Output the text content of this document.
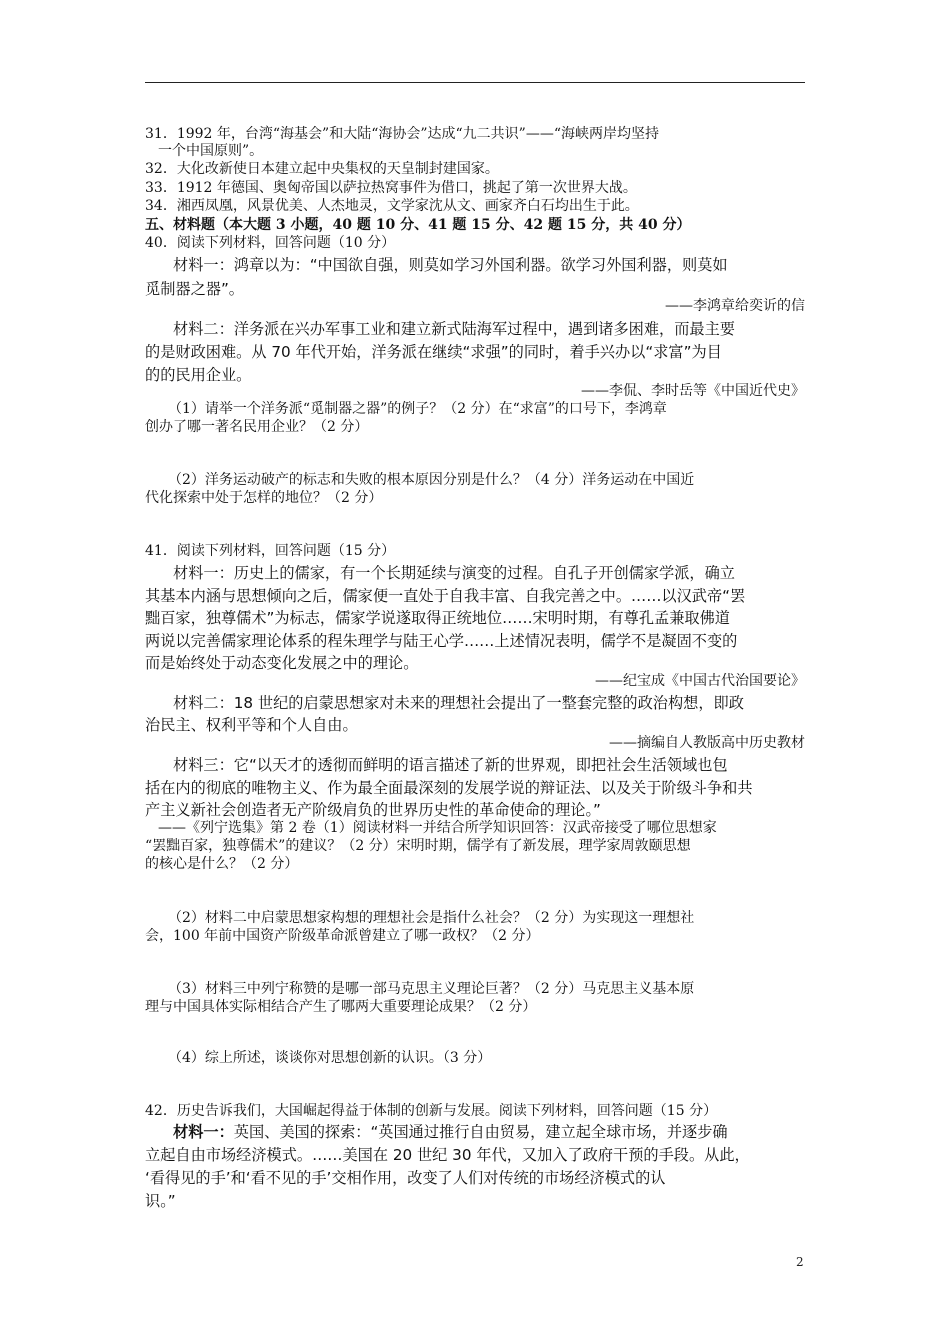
31．1992 年，台湾“海基会”和大陆“海协会”达成“九二共识”——“海峡两岸均坚持
一个中国原则”。
32．大化改新使日本建立起中央集权的天皇制封建国家。
33．1912 年德国、奥匈帝国以萨拉热窝事件为借口，挑起了第一次世界大战。
34．湘西凤凰，风景优美、人杰地灵，文学家沈从文、画家齐白石均出生于此。
五、材料题（本大题 3 小题，40 题 10 分、41 题 15 分、42 题 15 分，共 40 分）
40．阅读下列材料，回答问题（10 分）
材料一：鸿章以为：“中国欲自强，则莫如学习外国利器。欲学习外国利器，则莫如
觅制器之器”。
——李鸿章给奕䜣的信
材料二：洋务派在兴办军事工业和建立新式陆海军过程中，遇到诸多困难，而最主要
的是财政困难。从 70 年代开始，洋务派在继续“求强”的同时，着手兴办以“求富”为目
的的民用企业。
——李侃、李时岳等《中国近代史》
（1）请举一个洋务派“觅制器之器”的例子？（2 分）在“求富”的口号下，李鸿章
创办了哪一著名民用企业？（2 分）
（2）洋务运动破产的标志和失败的根本原因分别是什么？（4 分）洋务运动在中国近
代化探索中处于怎样的地位？（2 分）
41．阅读下列材料，回答问题（15 分）
材料一：历史上的儒家，有一个长期延续与演变的过程。自孔子开创儒家学派，确立
其基本内涵与思想倾向之后，儒家便一直处于自我丰富、自我完善之中。……以汉武帝“罢
黜百家，独尊儒术”为标志，儒家学说遂取得正统地位……宋明时期，有尊孔孟兼取佛道
两说以完善儒家理论体系的程朱理学与陆王心学……上述情况表明，儒学不是凝固不变的
而是始终处于动态变化发展之中的理论。
——纪宝成《中国古代治国要论》
材料二：18 世纪的启蒙思想家对未来的理想社会提出了一整套完整的政治构想，即政
治民主、权利平等和个人自由。
——摘编自人教版高中历史教材
材料三：它“以天才的透彻而鲜明的语言描述了新的世界观，即把社会生活领域也包
括在内的彻底的唯物主义、作为最全面最深刻的发展学说的辩证法、以及关于阶级斗争和共
产主义新社会创造者无产阶级肩负的世界历史性的革命使命的理论。”
——《列宁选集》第 2 卷（1）阅读材料一并结合所学知识回答：汉武帝接受了哪位思想家
“罢黜百家，独尊儒术”的建议？（2 分）宋明时期，儒学有了新发展，理学家周敦颐思想
的核心是什么？（2 分）
（2）材料二中启蒙思想家构想的理想社会是指什么社会？（2 分）为实现这一理想社
会，100 年前中国资产阶级革命派曾建立了哪一政权？（2 分）
（3）材料三中列宁称赞的是哪一部马克思主义理论巨著？（2 分）马克思主义基本原
理与中国具体实际相结合产生了哪两大重要理论成果？（2 分）
（4）综上所述，谈谈你对思想创新的认识。（3 分）
42．历史告诉我们，大国崛起得益于体制的创新与发展。阅读下列材料，回答问题（15 分）
材料一：英国、美国的探索：“英国通过推行自由贸易，建立起全球市场，并逐步确
立起自由市场经济模式。……美国在 20 世纪 30 年代，又加入了政府干预的手段。从此，
‘看得见的手’和‘看不见的手’交相作用，改变了人们对传统的市场经济模式的认
识。”
2
